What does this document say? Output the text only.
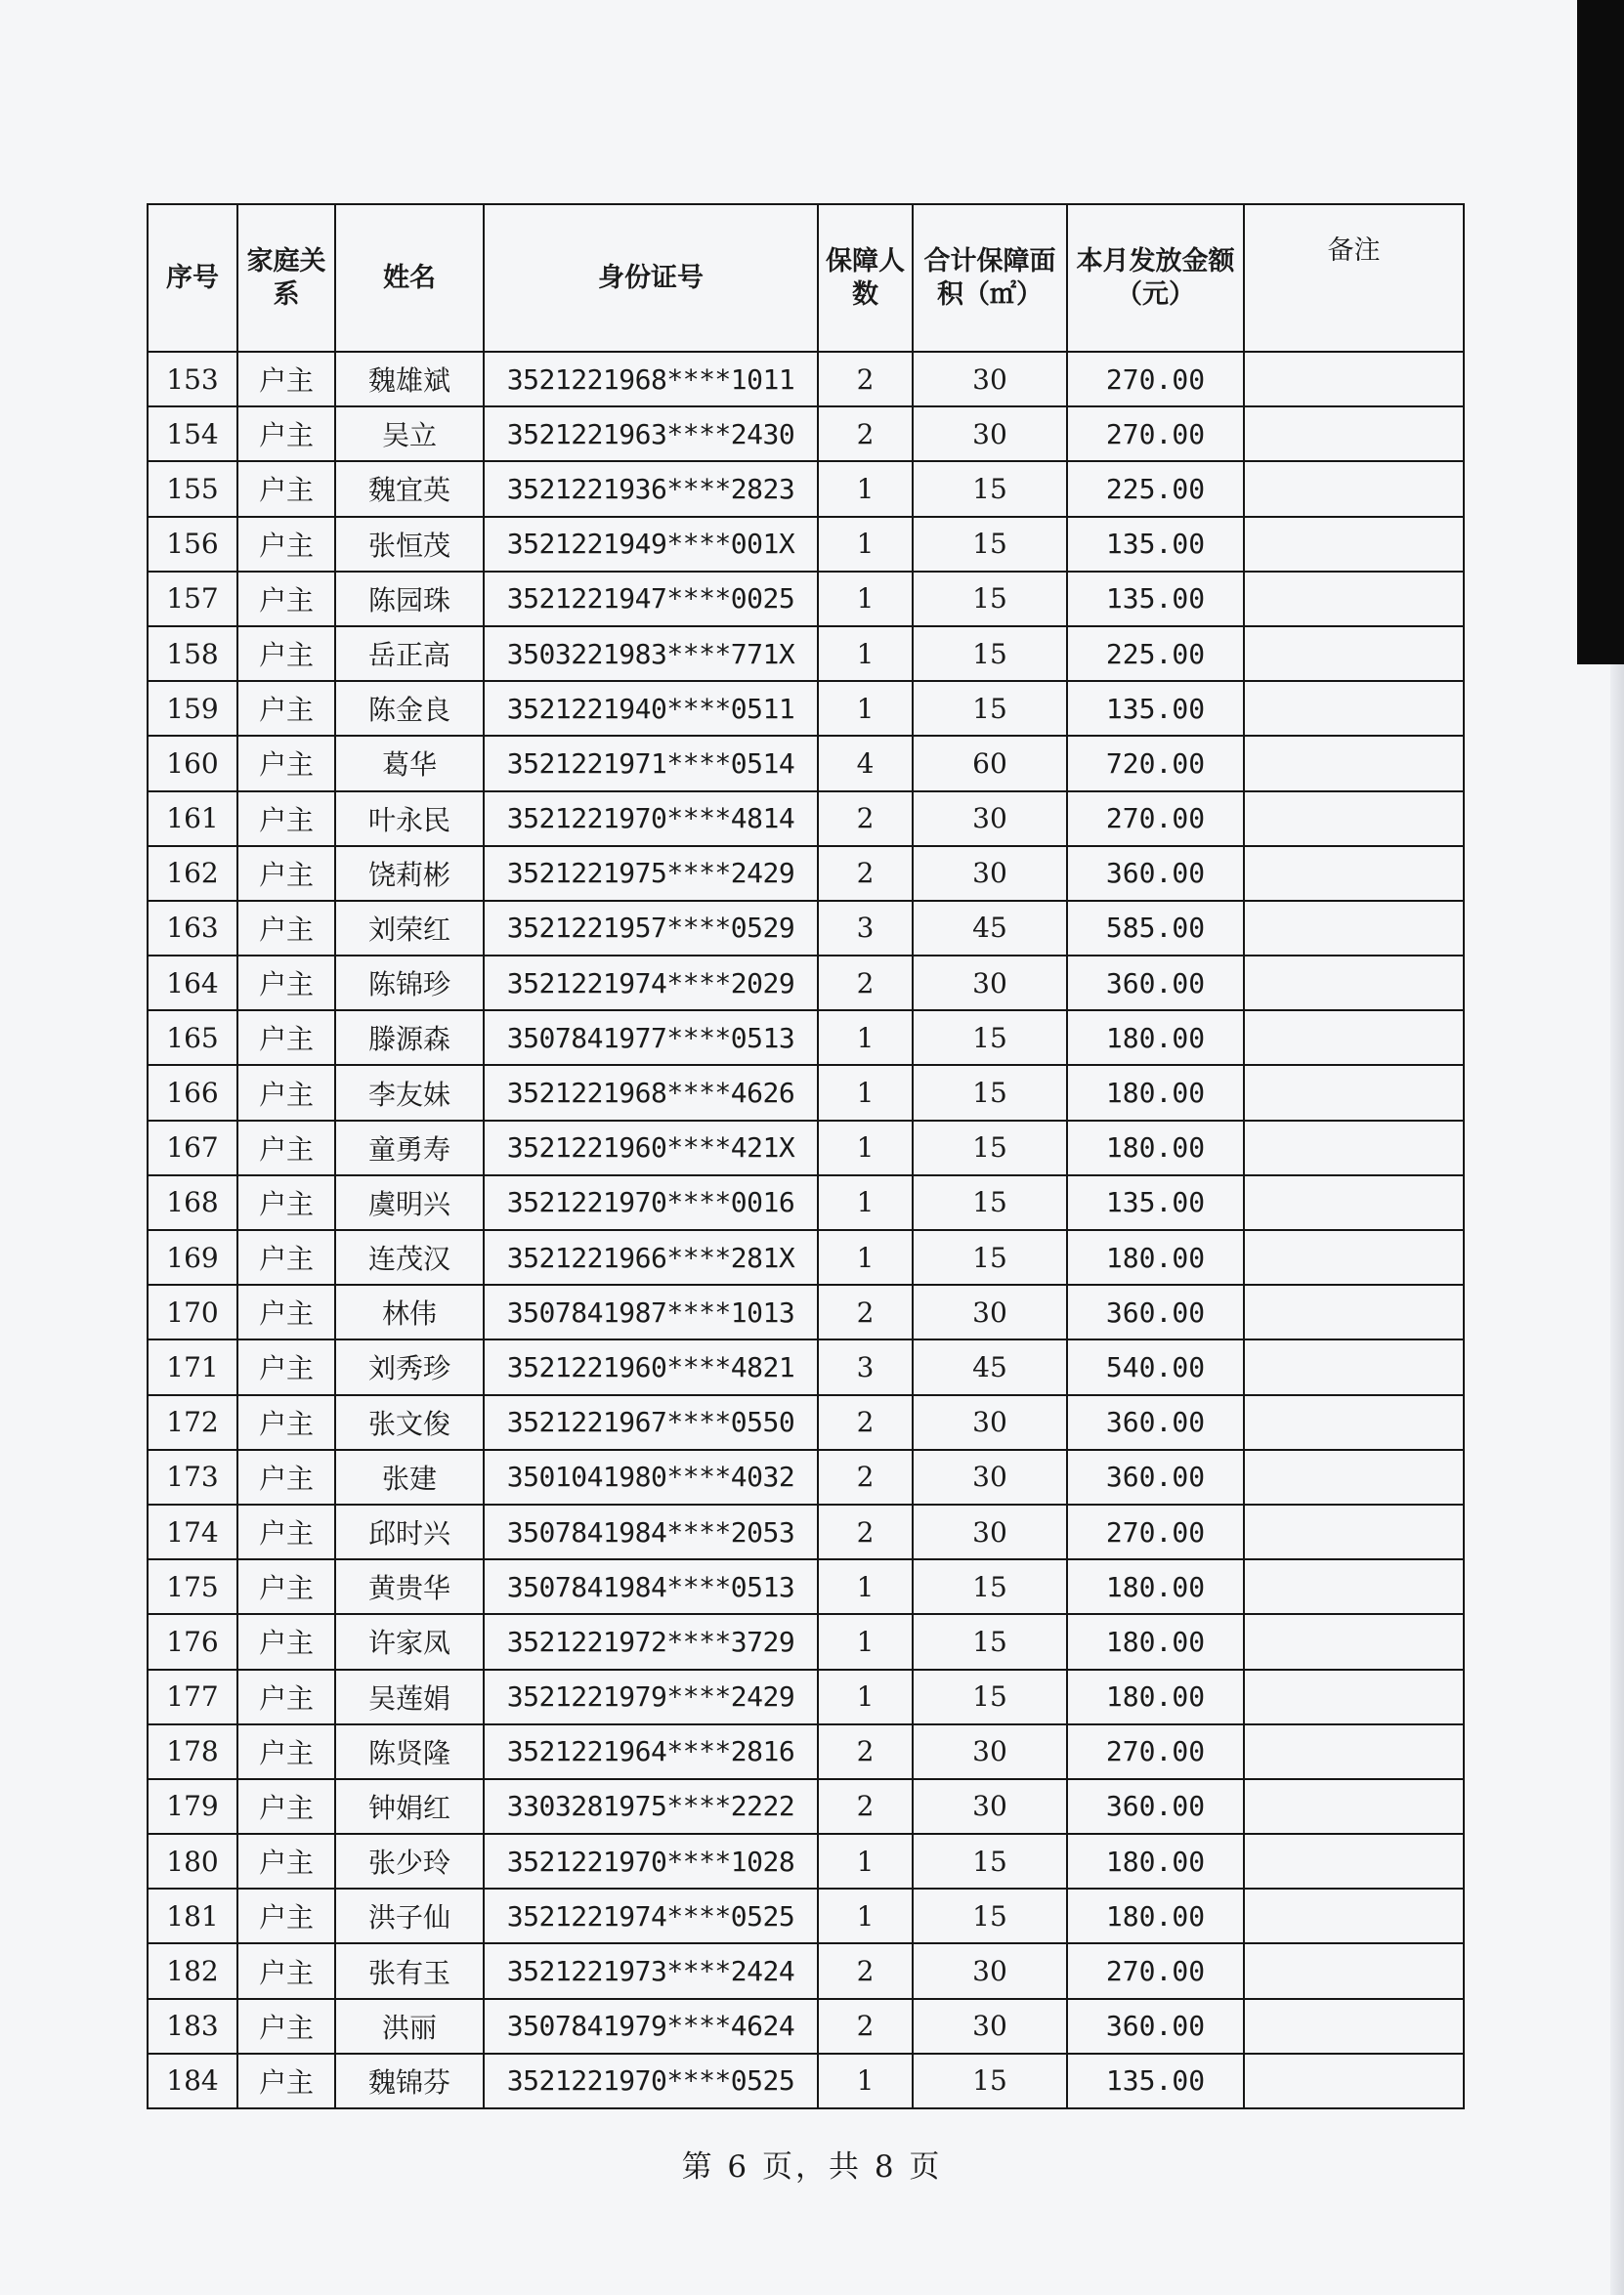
序号	家庭关系	姓名	身份证号	保障人数	合计保障面积（㎡）	本月发放金额（元）	备注
153	户主	魏雄斌	3521221968****1011	2	30	270.00	
154	户主	吴立	3521221963****2430	2	30	270.00	
155	户主	魏宜英	3521221936****2823	1	15	225.00	
156	户主	张恒茂	3521221949****001X	1	15	135.00	
157	户主	陈园珠	3521221947****0025	1	15	135.00	
158	户主	岳正高	3503221983****771X	1	15	225.00	
159	户主	陈金良	3521221940****0511	1	15	135.00	
160	户主	葛华	3521221971****0514	4	60	720.00	
161	户主	叶永民	3521221970****4814	2	30	270.00	
162	户主	饶莉彬	3521221975****2429	2	30	360.00	
163	户主	刘荣红	3521221957****0529	3	45	585.00	
164	户主	陈锦珍	3521221974****2029	2	30	360.00	
165	户主	滕源森	3507841977****0513	1	15	180.00	
166	户主	李友妹	3521221968****4626	1	15	180.00	
167	户主	童勇寿	3521221960****421X	1	15	180.00	
168	户主	虞明兴	3521221970****0016	1	15	135.00	
169	户主	连茂汉	3521221966****281X	1	15	180.00	
170	户主	林伟	3507841987****1013	2	30	360.00	
171	户主	刘秀珍	3521221960****4821	3	45	540.00	
172	户主	张文俊	3521221967****0550	2	30	360.00	
173	户主	张建	3501041980****4032	2	30	360.00	
174	户主	邱时兴	3507841984****2053	2	30	270.00	
175	户主	黄贵华	3507841984****0513	1	15	180.00	
176	户主	许家凤	3521221972****3729	1	15	180.00	
177	户主	吴莲娟	3521221979****2429	1	15	180.00	
178	户主	陈贤隆	3521221964****2816	2	30	270.00	
179	户主	钟娟红	3303281975****2222	2	30	360.00	
180	户主	张少玲	3521221970****1028	1	15	180.00	
181	户主	洪子仙	3521221974****0525	1	15	180.00	
182	户主	张有玉	3521221973****2424	2	30	270.00	
183	户主	洪丽	3507841979****4624	2	30	360.00	
184	户主	魏锦芬	3521221970****0525	1	15	135.00	
第 6 页，共 8 页
